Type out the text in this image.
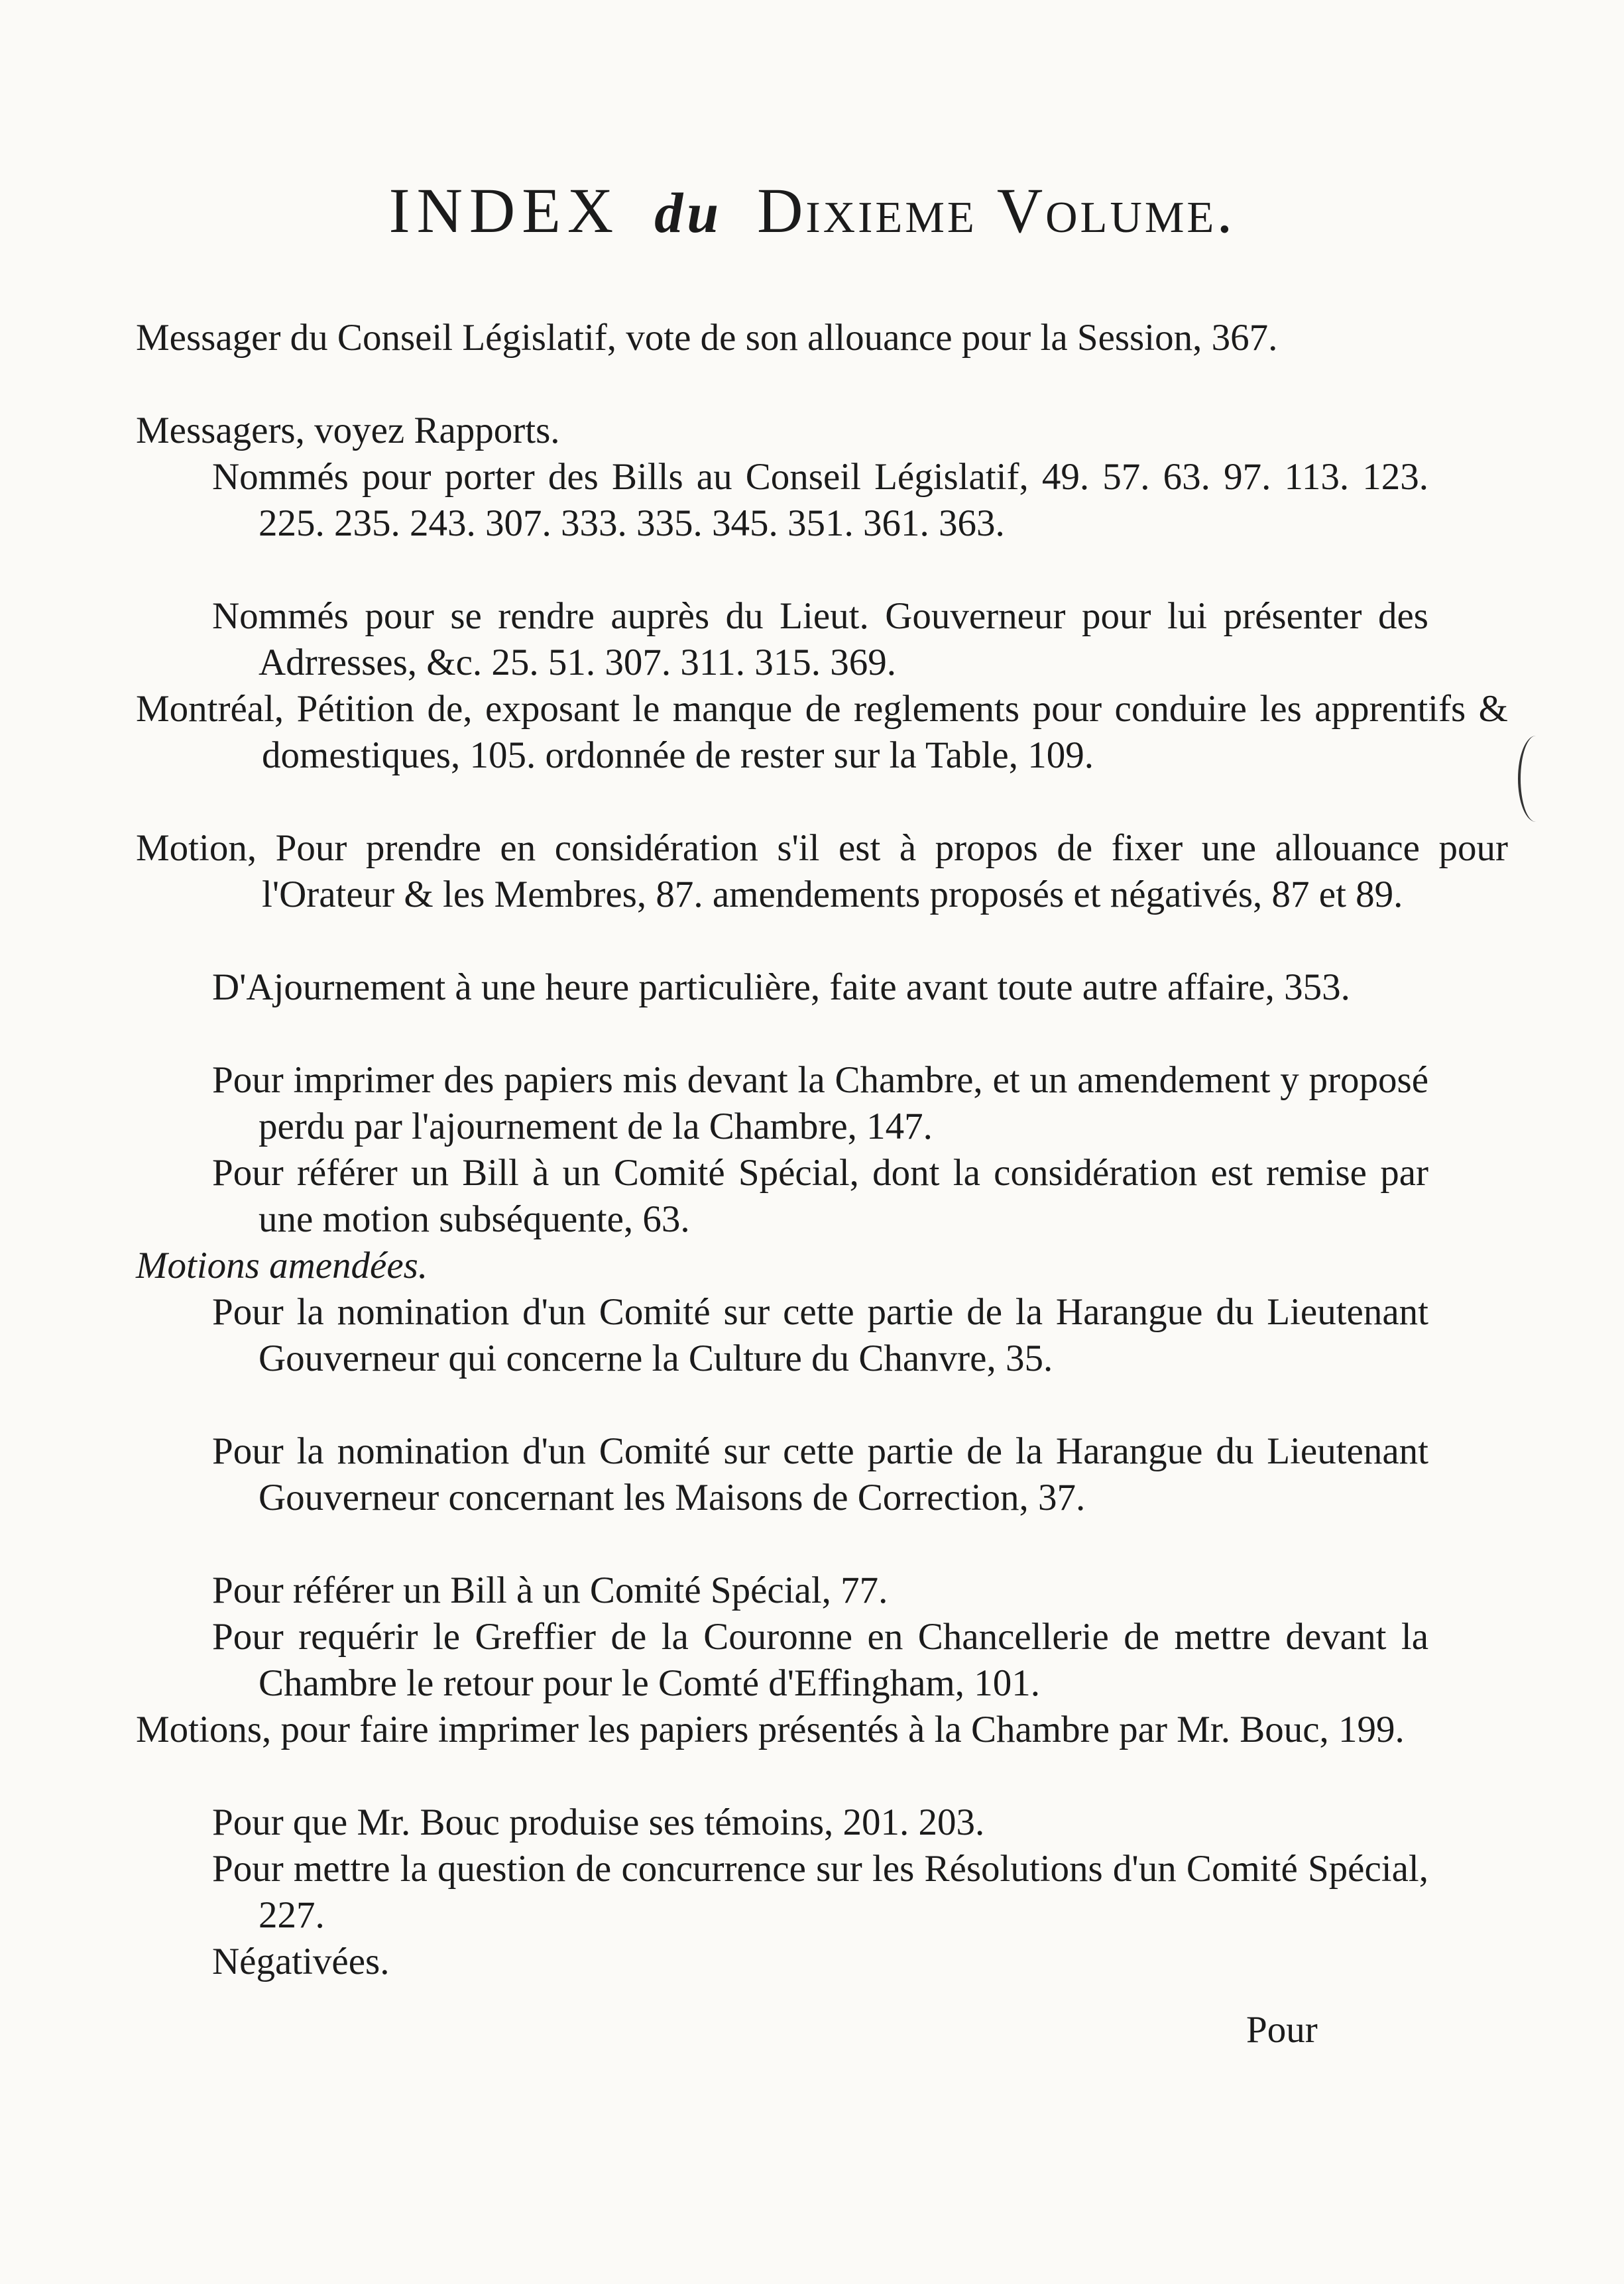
INDEX du Dixieme Volume.
Messager du Conseil Législatif, vote de son allouance pour la Session, 367.
Messagers, voyez Rapports.
Nommés pour porter des Bills au Conseil Législatif, 49. 57. 63. 97. 113. 123. 225. 235. 243. 307. 333. 335. 345. 351. 361. 363.
Nommés pour se rendre auprès du Lieut. Gouverneur pour lui présenter des Adrresses, &c. 25. 51. 307. 311. 315. 369.
Montréal, Pétition de, exposant le manque de reglements pour conduire les apprentifs & domestiques, 105. ordonnée de rester sur la Table, 109.
Motion, Pour prendre en considération s'il est à propos de fixer une allouance pour l'Orateur & les Membres, 87. amendements proposés et négativés, 87 et 89.
D'Ajournement à une heure particulière, faite avant toute autre affaire, 353.
Pour imprimer des papiers mis devant la Chambre, et un amendement y proposé perdu par l'ajournement de la Chambre, 147.
Pour référer un Bill à un Comité Spécial, dont la considération est remise par une motion subséquente, 63.
Motions amendées.
Pour la nomination d'un Comité sur cette partie de la Harangue du Lieutenant Gouverneur qui concerne la Culture du Chanvre, 35.
Pour la nomination d'un Comité sur cette partie de la Harangue du Lieutenant Gouverneur concernant les Maisons de Correction, 37.
Pour référer un Bill à un Comité Spécial, 77.
Pour requérir le Greffier de la Couronne en Chancellerie de mettre devant la Chambre le retour pour le Comté d'Effingham, 101.
Motions, pour faire imprimer les papiers présentés à la Chambre par Mr. Bouc, 199.
Pour que Mr. Bouc produise ses témoins, 201. 203.
Pour mettre la question de concurrence sur les Résolutions d'un Comité Spécial, 227.
Négativées.
Pour
